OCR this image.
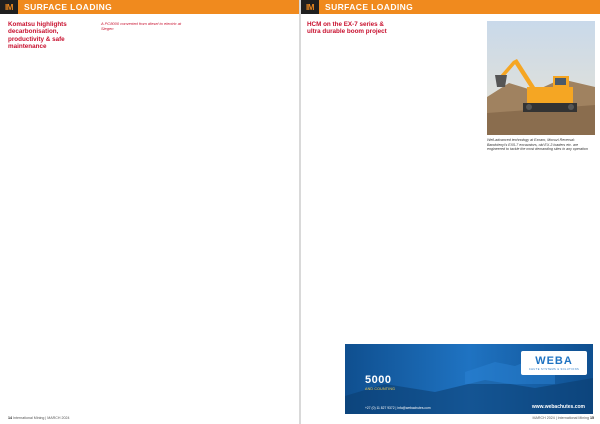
IM SURFACE LOADING
Komatsu highlights decarbonisation, productivity & safe maintenance

A PC8000 converted from diesel to electric at Siegen

14 International Mining | MARCH 2024
IM SURFACE LOADING
HCM on the EX-7 series & ultra durable boom project

Well-advanced technology at Exxaro, Mocuzi Reversal: Bandolenyi's EX5-7 excavators, old EX-3 loaders etc. are engineered to tackle the most demanding sites in any operation

WEBA
CHUTE SYSTEMS & SOLUTIONS
5000
AND COUNTING
+27 (0) 11 827 9372 | info@webachutes.com	www.webachutes.com
MARCH 2024 | International Mining 15
